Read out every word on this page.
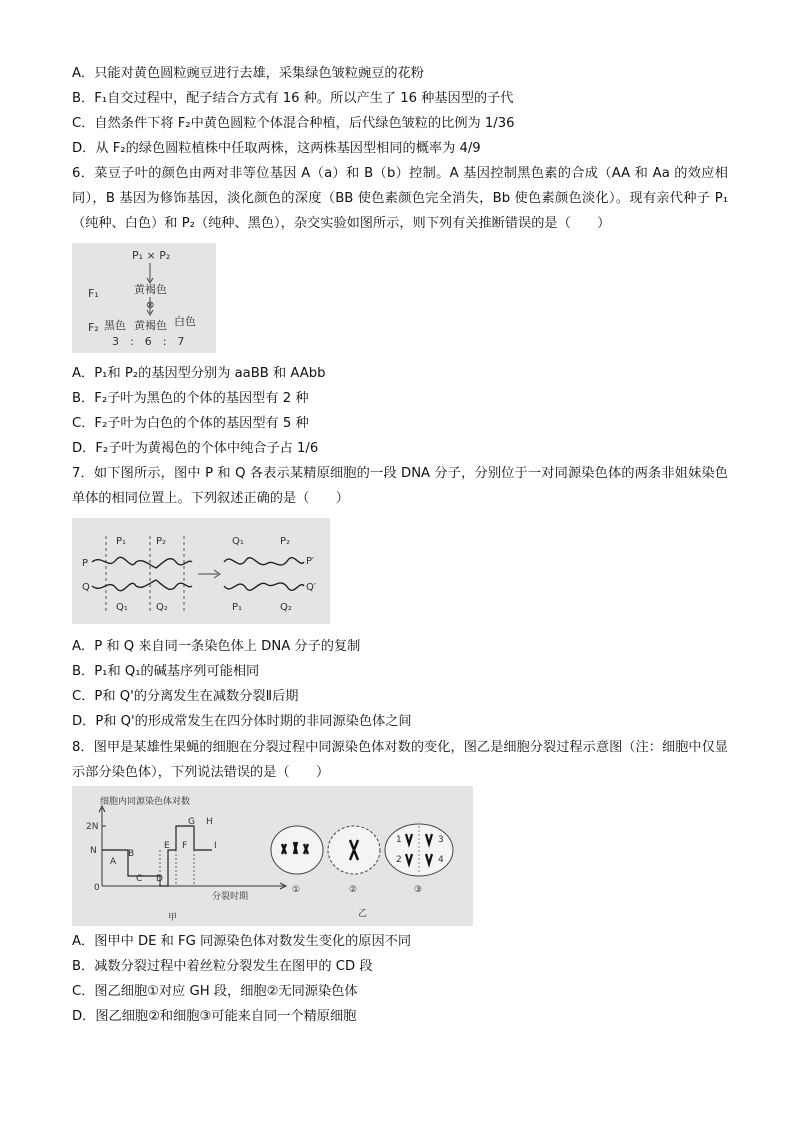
A．只能对黄色圆粒豌豆进行去雄，采集绿色皱粒豌豆的花粉
B．F₁自交过程中，配子结合方式有 16 种。所以产生了 16 种基因型的子代
C．自然条件下将 F₂中黄色圆粒个体混合种植，后代绿色皱粒的比例为 1/36
D．从 F₂的绿色圆粒植株中任取两株，这两株基因型相同的概率为 4/9
6．菜豆子叶的颜色由两对非等位基因 A（a）和 B（b）控制。A 基因控制黑色素的合成（AA 和 Aa 的效应相同），B 基因为修饰基因，淡化颜色的深度（BB 使色素颜色完全消失，Bb 使色素颜色淡化）。现有亲代种子 P₁（纯种、白色）和 P₂（纯种、黑色），杂交实验如图所示，则下列有关推断错误的是（　　）
P₁ × P₂
F₁	黄褐色
⊗
F₂ 黑色 黄褐色 白色
3　:　6　:　7
A．P₁和 P₂的基因型分别为 aaBB 和 AAbb
B．F₂子叶为黑色的个体的基因型有 2 种
C．F₂子叶为白色的个体的基因型有 5 种
D．F₂子叶为黄褐色的个体中纯合子占 1/6
7．如下图所示，图中 P 和 Q 各表示某精原细胞的一段 DNA 分子，分别位于一对同源染色体的两条非姐妹染色单体的相同位置上。下列叙述正确的是（　　）
P
Q
P₁	P₂
Q₁	Q₂
Q₁	P₂
P₁	Q₂
P′
Q′
A．P 和 Q 来自同一条染色体上 DNA 分子的复制
B．P₁和 Q₁的碱基序列可能相同
C．P和 Q'的分离发生在减数分裂Ⅱ后期
D．P和 Q'的形成常发生在四分体时期的非同源染色体之间
8．图甲是某雄性果蝇的细胞在分裂过程中同源染色体对数的变化，图乙是细胞分裂过程示意图（注：细胞中仅显示部分染色体），下列说法错误的是（　　）
细胞内同源染色体对数
2N
N
0
A
B
C D
E F
G H
I
分裂时期
甲
1
2
3
4
①	②	③
乙
A．图甲中 DE 和 FG 同源染色体对数发生变化的原因不同
B．减数分裂过程中着丝粒分裂发生在图甲的 CD 段
C．图乙细胞①对应 GH 段，细胞②无同源染色体
D．图乙细胞②和细胞③可能来自同一个精原细胞
